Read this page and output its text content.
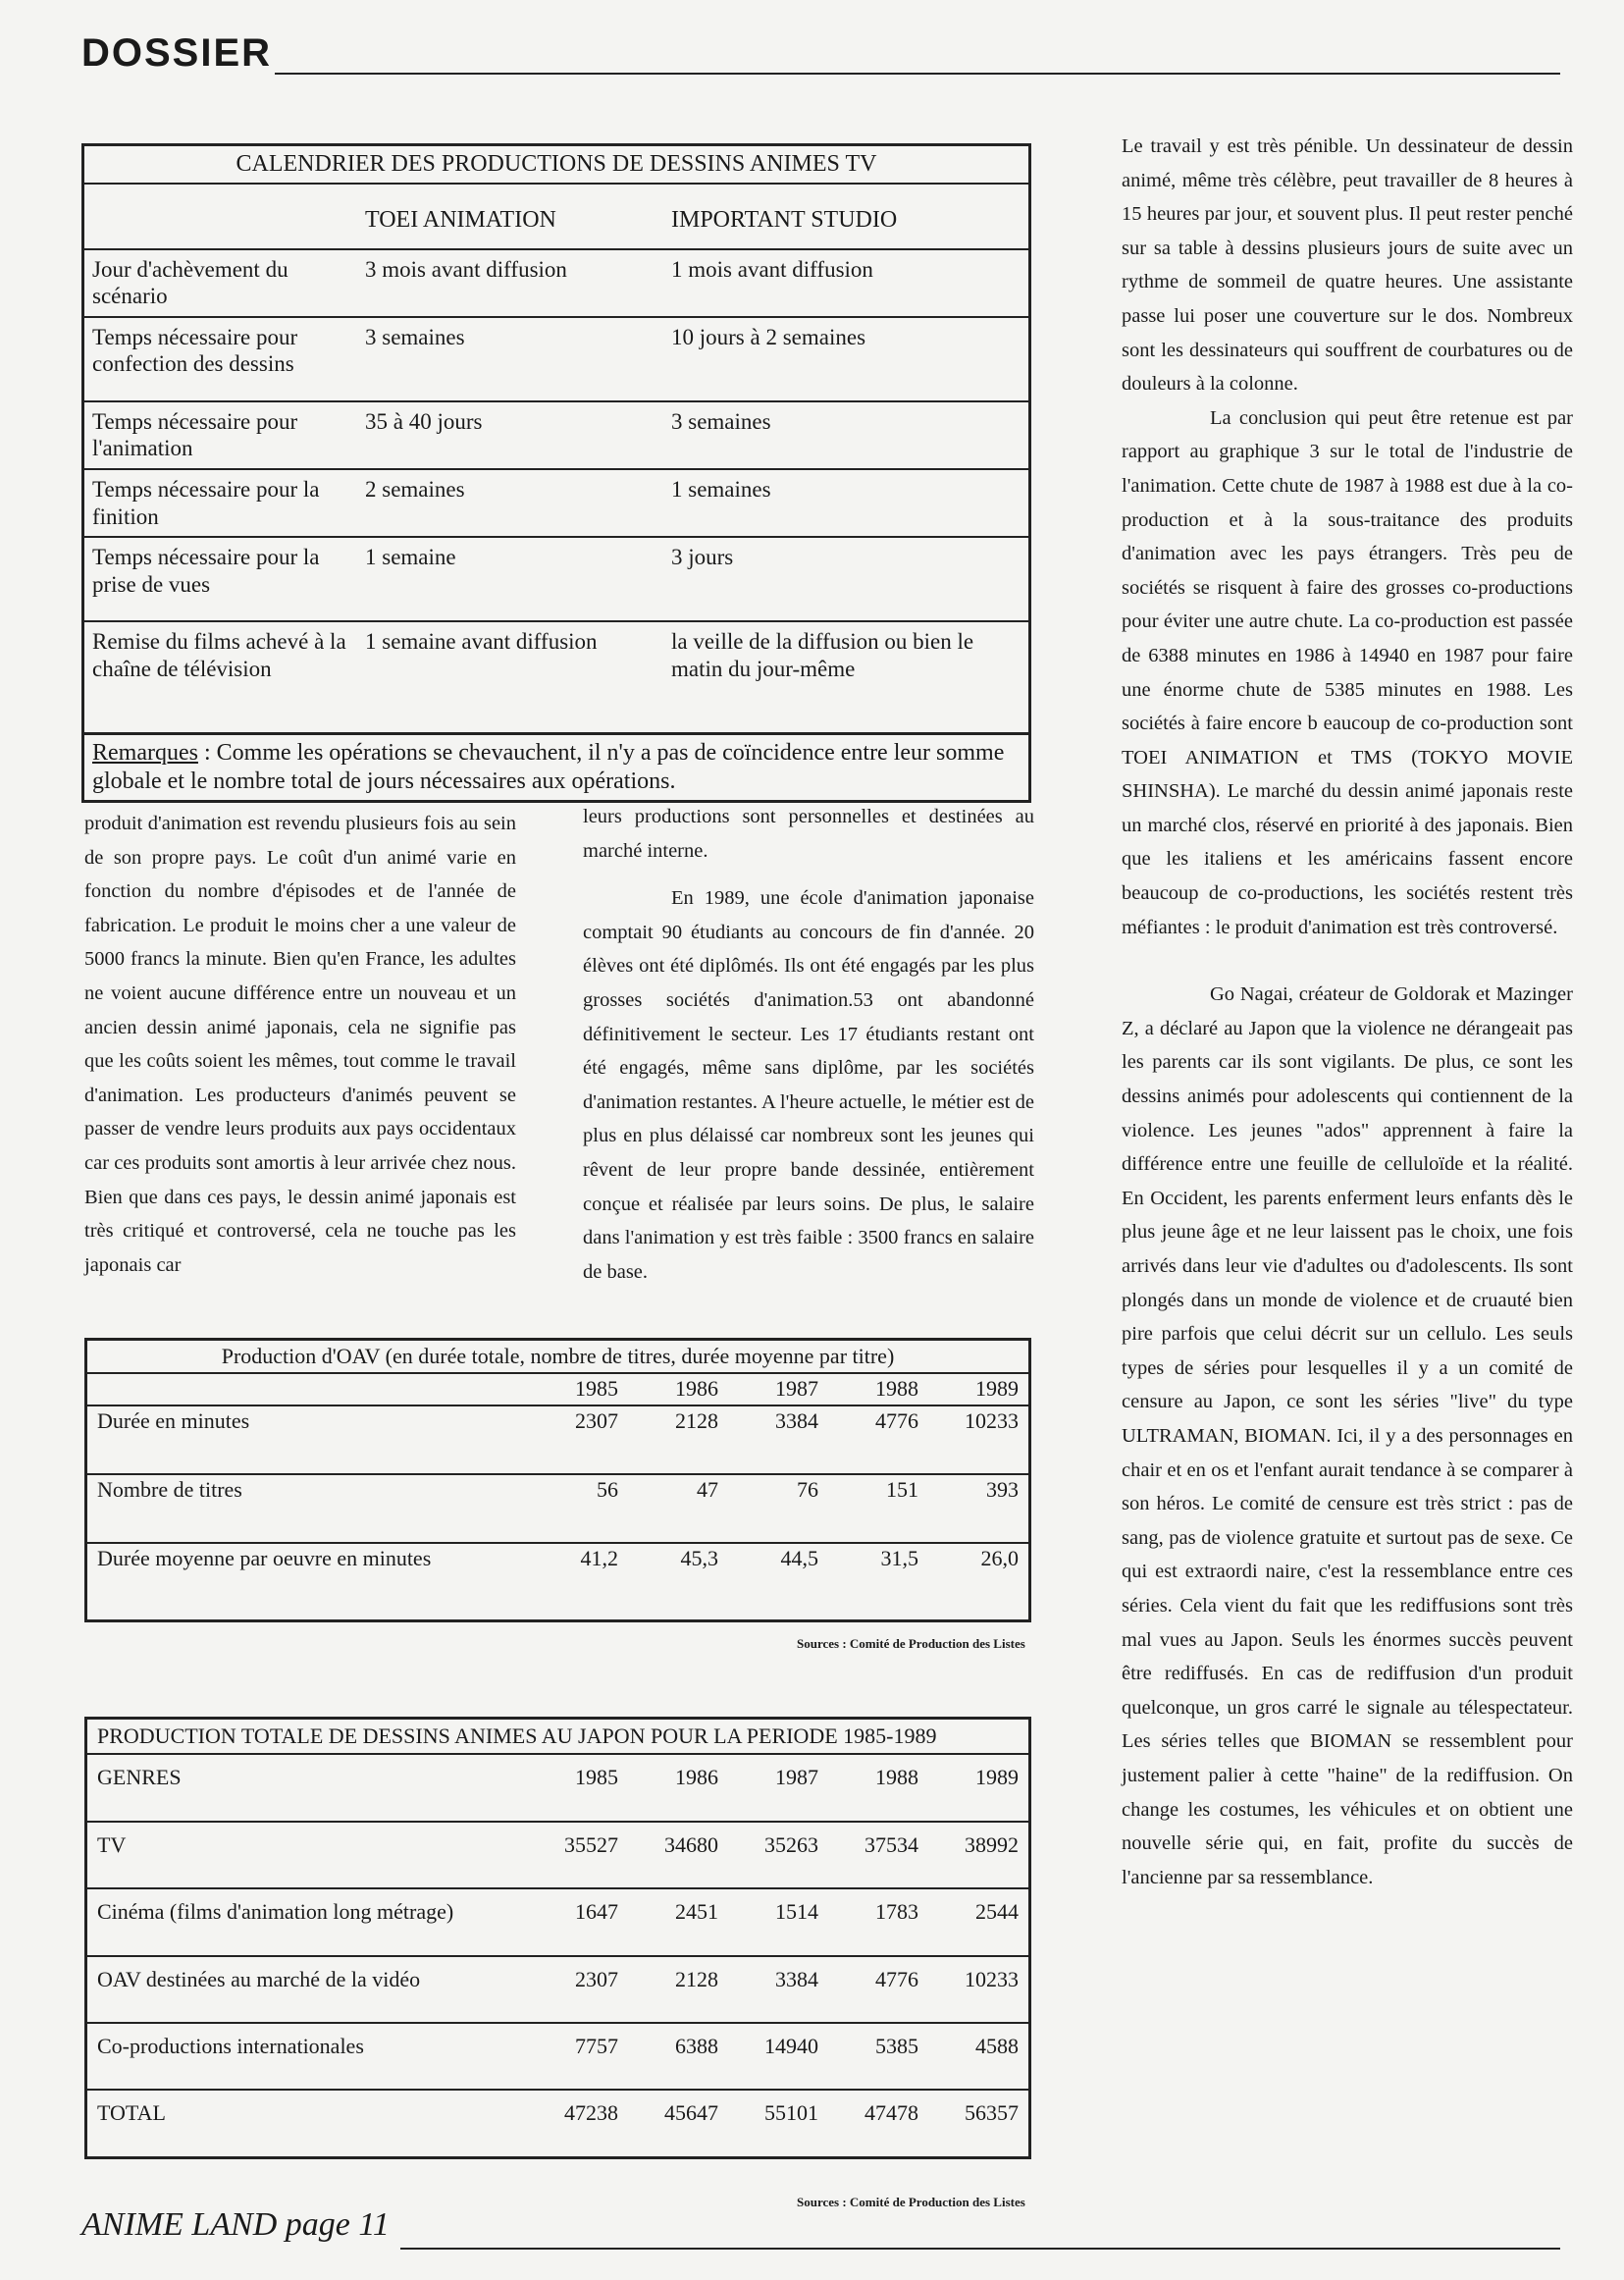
DOSSIER
CALENDRIER DES PRODUCTIONS DE DESSINS ANIMES TV		
	TOEI ANIMATION	IMPORTANT STUDIO
Jour d'achèvement du scénario	3 mois avant diffusion	1 mois avant diffusion
Temps nécessaire pour confection des dessins	3 semaines	10 jours à 2 semaines
Temps nécessaire pour l'animation	35 à 40 jours	3 semaines
Temps nécessaire pour la finition	2 semaines	1 semaines
Temps nécessaire pour la prise de vues	1 semaine	3 jours
Remise du films achevé à la chaîne de télévision	1 semaine avant diffusion	la veille de la diffusion ou bien le matin du jour-même
Remarques : Comme les opérations se chevauchent, il n'y a pas de coïncidence entre leur somme globale et le nombre total de jours nécessaires aux opérations.		

produit d'animation est revendu plusieurs fois au sein de son propre pays. Le coût d'un animé varie en fonction du nombre d'épisodes et de l'année de fabrication. Le produit le moins cher a une valeur de 5000 francs la minute. Bien qu'en France, les adultes ne voient aucune différence entre un nouveau et un ancien dessin animé japonais, cela ne signifie pas que les coûts soient les mêmes, tout comme le travail d'animation. Les producteurs d'animés peuvent se passer de vendre leurs produits aux pays occidentaux car ces produits sont amortis à leur arrivée chez nous. Bien que dans ces pays, le dessin animé japonais est très critiqué et controversé, cela ne touche pas les japonais car

leurs productions sont personnelles et destinées au marché interne.

En 1989, une école d'animation japonaise comptait 90 étudiants au concours de fin d'année. 20 élèves ont été diplômés. Ils ont été engagés par les plus grosses sociétés d'animation.53 ont abandonné définitivement le secteur. Les 17 étudiants restant ont été engagés, même sans diplôme, par les sociétés d'animation restantes. A l'heure actuelle, le métier est de plus en plus délaissé car nombreux sont les jeunes qui rêvent de leur propre bande dessinée, entièrement conçue et réalisée par leurs soins. De plus, le salaire dans l'animation y est très faible : 3500 francs en salaire de base.

Le travail y est très pénible. Un dessinateur de dessin animé, même très célèbre, peut travailler de 8 heures à 15 heures par jour, et souvent plus. Il peut rester penché sur sa table à dessins plusieurs jours de suite avec un rythme de sommeil de quatre heures. Une assistante passe lui poser une couverture sur le dos. Nombreux sont les dessinateurs qui souffrent de courbatures ou de douleurs à la colonne.

La conclusion qui peut être retenue est par rapport au graphique 3 sur le total de l'industrie de l'animation. Cette chute de 1987 à 1988 est due à la co-production et à la sous-traitance des produits d'animation avec les pays étrangers. Très peu de sociétés se risquent à faire des grosses co-productions pour éviter une autre chute. La co-production est passée de 6388 minutes en 1986 à 14940 en 1987 pour faire une énorme chute de 5385 minutes en 1988. Les sociétés à faire encore b eaucoup de co-production sont TOEI ANIMATION et TMS (TOKYO MOVIE SHINSHA). Le marché du dessin animé japonais reste un marché clos, réservé en priorité à des japonais. Bien que les italiens et les américains fassent encore beaucoup de co-productions, les sociétés restent très méfiantes : le produit d'animation est très controversé.

Go Nagai, créateur de Goldorak et Mazinger Z, a déclaré au Japon que la violence ne dérangeait pas les parents car ils sont vigilants. De plus, ce sont les dessins animés pour adolescents qui contiennent de la violence. Les jeunes "ados" apprennent à faire la différence entre une feuille de celluloïde et la réalité. En Occident, les parents enferment leurs enfants dès le plus jeune âge et ne leur laissent pas le choix, une fois arrivés dans leur vie d'adultes ou d'adolescents. Ils sont plongés dans un monde de violence et de cruauté bien pire parfois que celui décrit sur un cellulo. Les seuls types de séries pour lesquelles il y a un comité de censure au Japon, ce sont les séries "live" du type ULTRAMAN, BIOMAN. Ici, il y a des personnages en chair et en os et l'enfant aurait tendance à se comparer à son héros. Le comité de censure est très strict : pas de sang, pas de violence gratuite et surtout pas de sexe. Ce qui est extraordi naire, c'est la ressemblance entre ces séries. Cela vient du fait que les rediffusions sont très mal vues au Japon. Seuls les énormes succès peuvent être rediffusés. En cas de rediffusion d'un produit quelconque, un gros carré le signale au télespectateur. Les séries telles que BIOMAN se ressemblent pour justement palier à cette "haine" de la rediffusion. On change les costumes, les véhicules et on obtient une nouvelle série qui, en fait, profite du succès de l'ancienne par sa ressemblance.

Production d'OAV (en durée totale, nombre de titres, durée moyenne par titre)					
	1985	1986	1987	1988	1989
Durée en minutes	2307	2128	3384	4776	10233
Nombre de titres	56	47	76	151	393
Durée moyenne par oeuvre en minutes	41,2	45,3	44,5	31,5	26,0
Sources : Comité de Production des Listes
PRODUCTION TOTALE DE DESSINS ANIMES AU JAPON POUR LA PERIODE 1985-1989					
GENRES	1985	1986	1987	1988	1989
TV	35527	34680	35263	37534	38992
Cinéma (films d'animation long métrage)	1647	2451	1514	1783	2544
OAV destinées au marché de la vidéo	2307	2128	3384	4776	10233
Co-productions internationales	7757	6388	14940	5385	4588
TOTAL	47238	45647	55101	47478	56357
Sources : Comité de Production des Listes
ANIME LAND page 11
